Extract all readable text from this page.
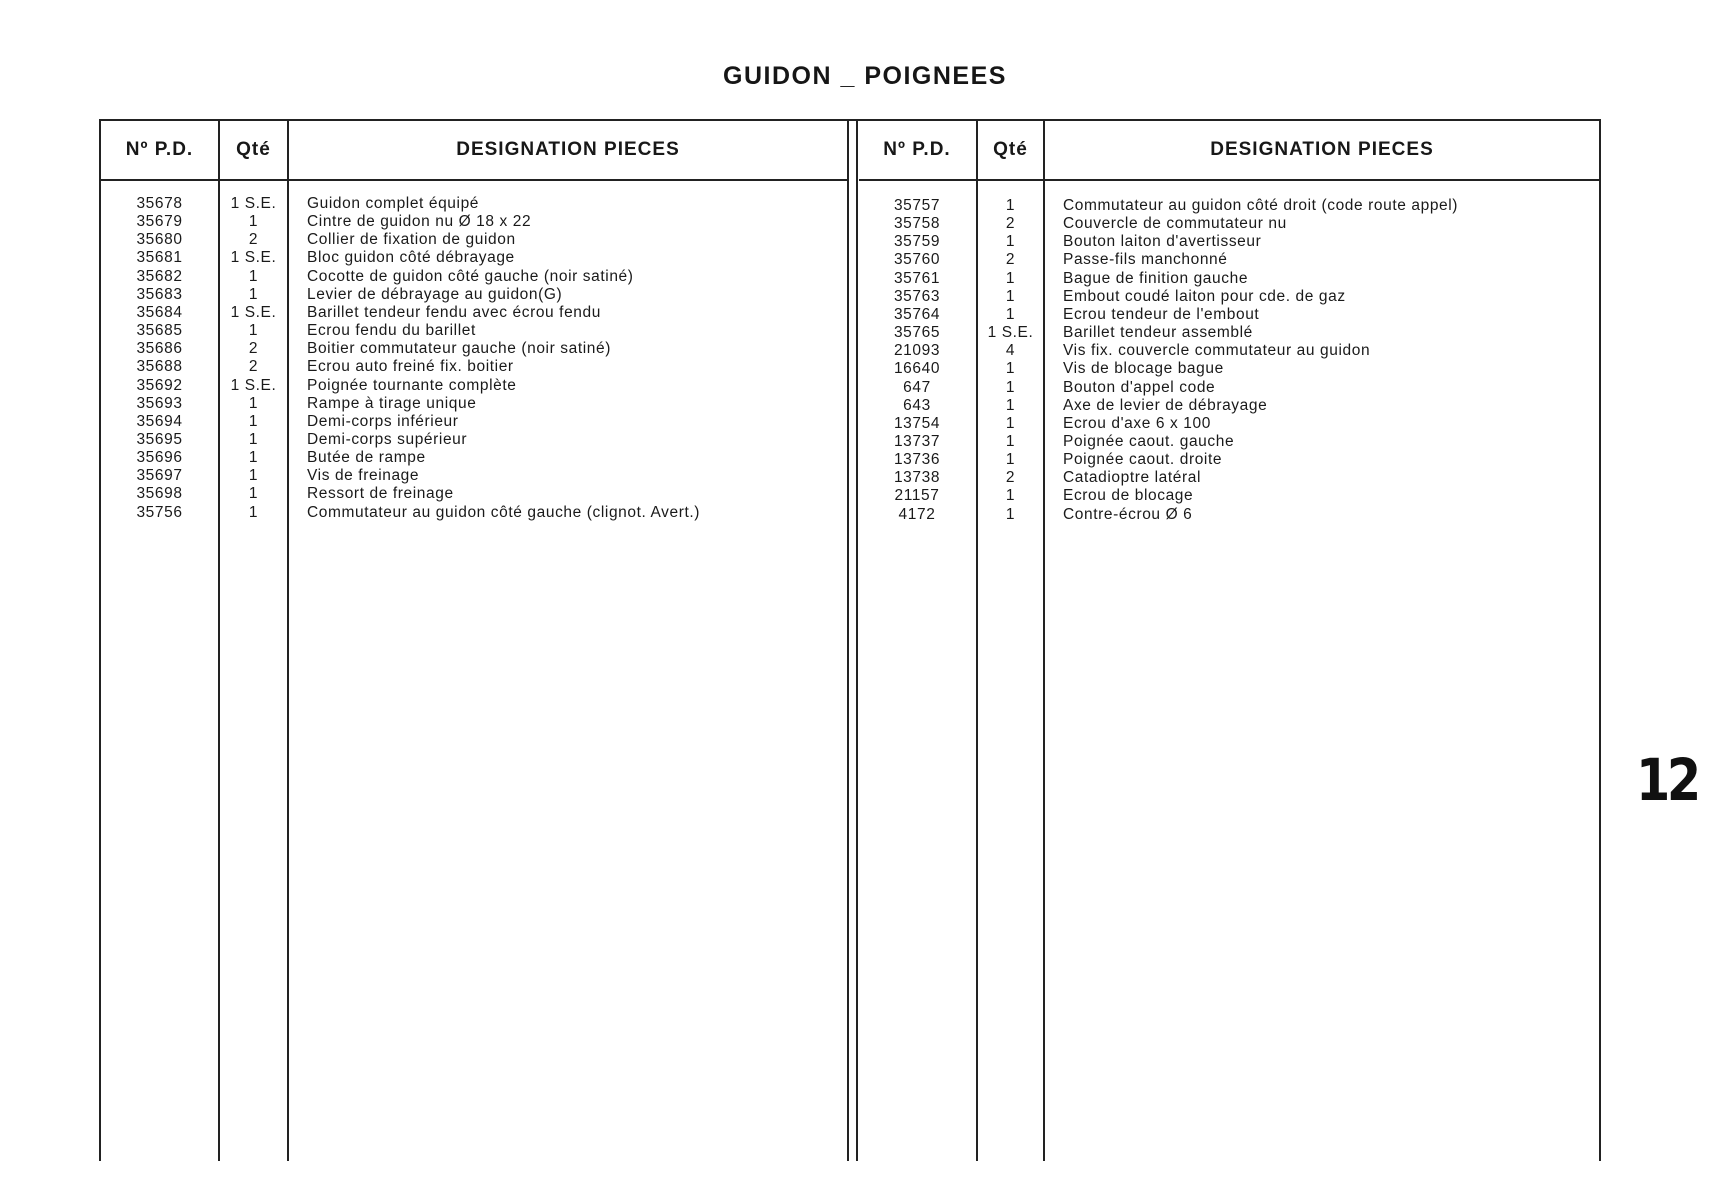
GUIDON _ POIGNEES
Nº P.D.	Qté	DESIGNATION PIECES	Nº P.D.	Qté	DESIGNATION PIECES
35678	1 S.E.	Guidon complet équipé
35679	1	Cintre de guidon nu Ø 18 x 22
35680	2	Collier de fixation de guidon
35681	1 S.E.	Bloc guidon côté débrayage
35682	1	Cocotte de guidon côté gauche (noir satiné)
35683	1	Levier de débrayage au guidon(G)
35684	1 S.E.	Barillet tendeur fendu avec écrou fendu
35685	1	Ecrou fendu du barillet
35686	2	Boitier commutateur gauche (noir satiné)
35688	2	Ecrou auto freiné fix. boitier
35692	1 S.E.	Poignée tournante complète
35693	1	Rampe à tirage unique
35694	1	Demi-corps inférieur
35695	1	Demi-corps supérieur
35696	1	Butée de rampe
35697	1	Vis de freinage
35698	1	Ressort de freinage
35756	1	Commutateur au guidon côté gauche (clignot. Avert.)
35757	1	Commutateur au guidon côté droit (code route appel)
35758	2	Couvercle de commutateur nu
35759	1	Bouton laiton d'avertisseur
35760	2	Passe-fils manchonné
35761	1	Bague de finition gauche
35763	1	Embout coudé laiton pour cde. de gaz
35764	1	Ecrou tendeur de l'embout
35765	1 S.E.	Barillet tendeur assemblé
21093	4	Vis fix. couvercle commutateur au guidon
16640	1	Vis de blocage bague
647	1	Bouton d'appel code
643	1	Axe de levier de débrayage
13754	1	Ecrou d'axe 6 x 100
13737	1	Poignée caout. gauche
13736	1	Poignée caout. droite
13738	2	Catadioptre latéral
21157	1	Ecrou de blocage
4172	1	Contre-écrou Ø 6
12
